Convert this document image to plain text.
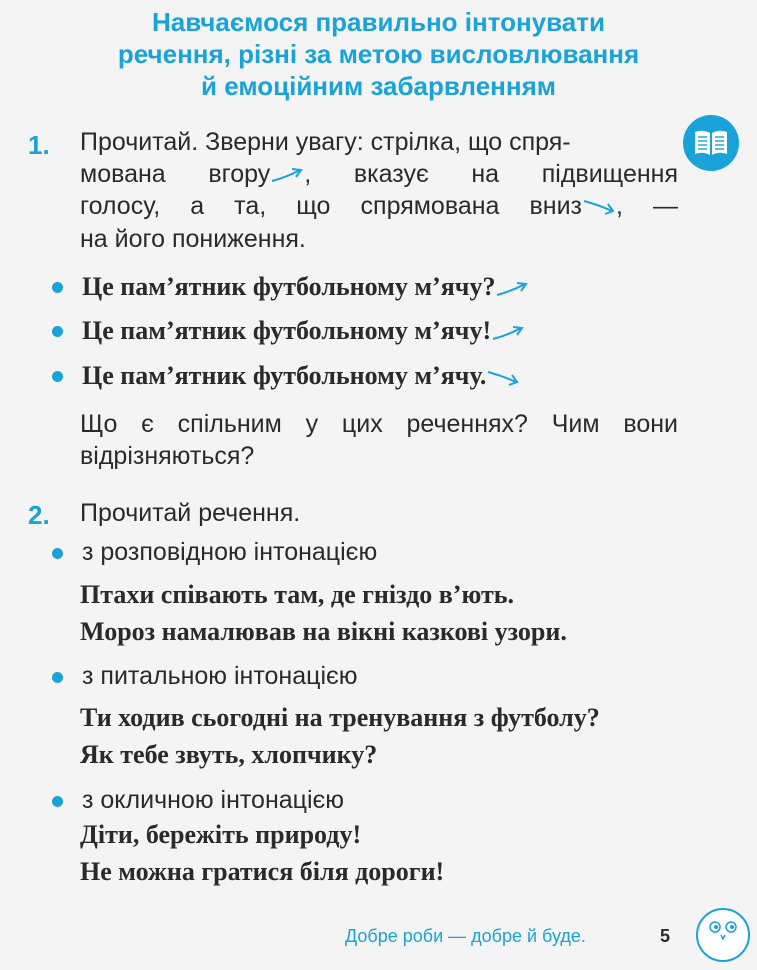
Навчаємося правильно інтонувати
речення, різні за метою висловлювання
й емоційним забарвленням
1. Прочитай. Зверни увагу: стрілка, що спря-
мована вгору , вказує на підвищення
голосу, а та, що спрямована вниз , —
на його пониження.
Це пам’ятник футбольному м’ячу?
Це пам’ятник футбольному м’ячу!
Це пам’ятник футбольному м’ячу.
Що є спільним у цих реченнях? Чим вони
відрізняються?
2. Прочитай речення.
з розповідною інтонацією
Птахи співають там, де гніздо в’ють.
Мороз намалював на вікні казкові узори.
з питальною інтонацією
Ти ходив сьогодні на тренування з футболу?
Як тебе звуть, хлопчику?
з окличною інтонацією
Діти, бережіть природу!
Не можна гратися біля дороги!
Добре роби — добре й буде.	5
